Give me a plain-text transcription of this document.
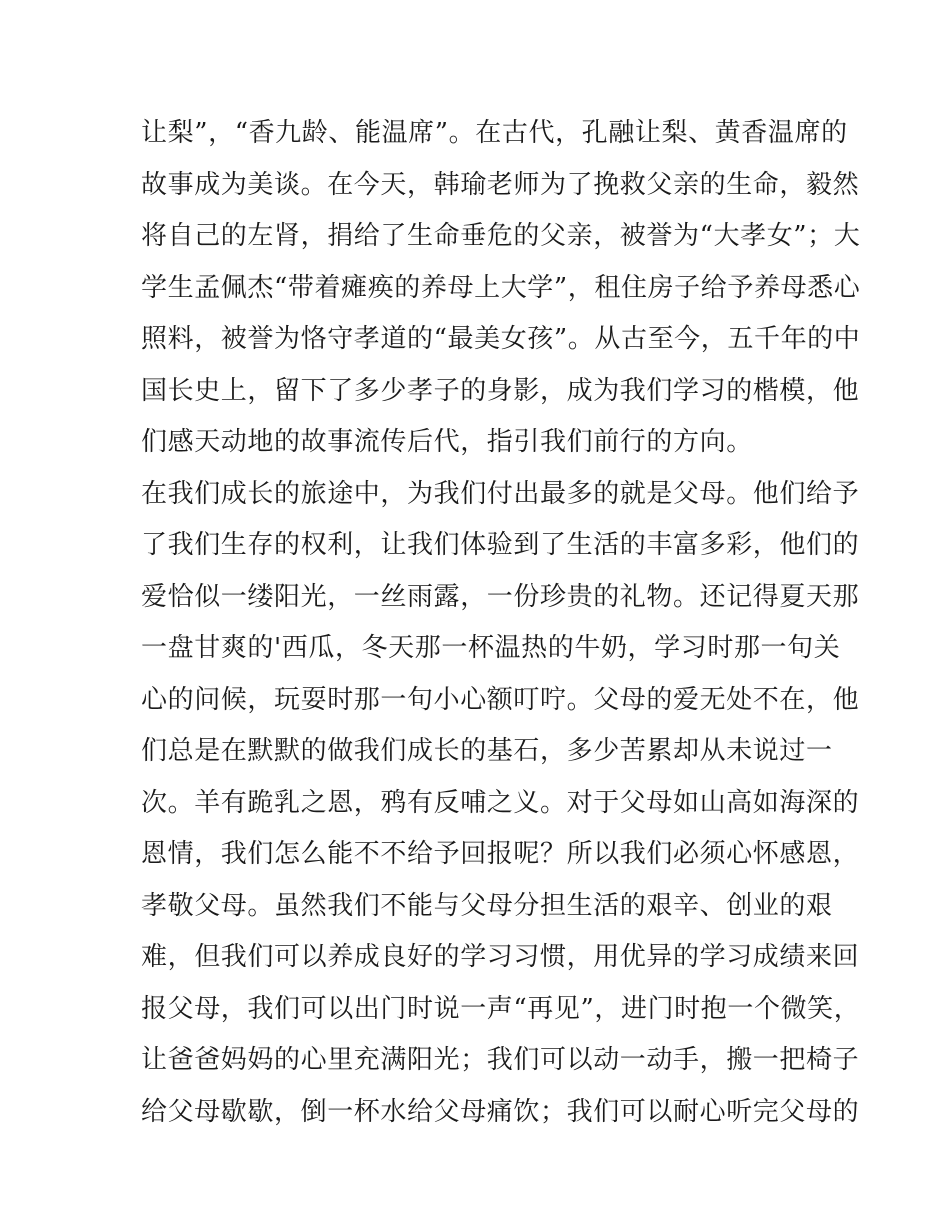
让梨”，“香九龄、能温席”。在古代，孔融让梨、黄香温席的
故事成为美谈。在今天，韩瑜老师为了挽救父亲的生命，毅然
将自己的左肾，捐给了生命垂危的父亲，被誉为“大孝女”；大
学生孟佩杰“带着瘫痪的养母上大学”，租住房子给予养母悉心
照料，被誉为恪守孝道的“最美女孩”。从古至今，五千年的中
国长史上，留下了多少孝子的身影，成为我们学习的楷模，他
们感天动地的故事流传后代，指引我们前行的方向。
在我们成长的旅途中，为我们付出最多的就是父母。他们给予
了我们生存的权利，让我们体验到了生活的丰富多彩，他们的
爱恰似一缕阳光，一丝雨露，一份珍贵的礼物。还记得夏天那
一盘甘爽的'西瓜，冬天那一杯温热的牛奶，学习时那一句关
心的问候，玩耍时那一句小心额叮咛。父母的爱无处不在，他
们总是在默默的做我们成长的基石，多少苦累却从未说过一
次。羊有跪乳之恩，鸦有反哺之义。对于父母如山高如海深的
恩情，我们怎么能不不给予回报呢？所以我们必须心怀感恩，
孝敬父母。虽然我们不能与父母分担生活的艰辛、创业的艰
难，但我们可以养成良好的学习习惯，用优异的学习成绩来回
报父母，我们可以出门时说一声“再见”，进门时抱一个微笑，
让爸爸妈妈的心里充满阳光；我们可以动一动手，搬一把椅子
给父母歇歇，倒一杯水给父母痛饮；我们可以耐心听完父母的
